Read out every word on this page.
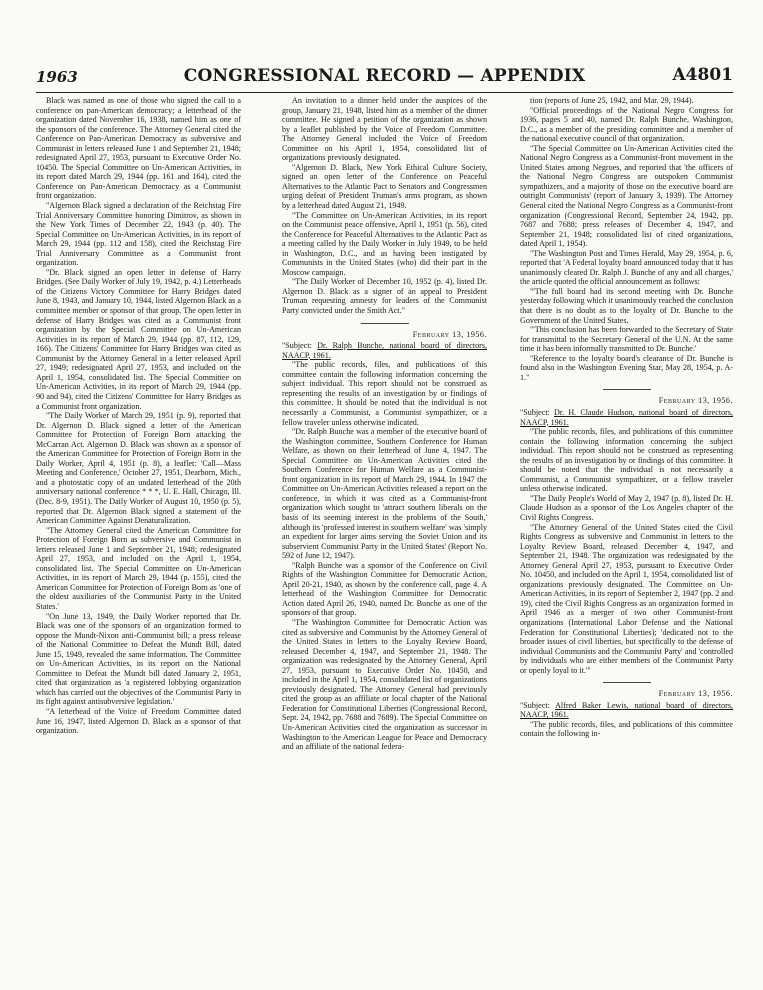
1963	CONGRESSIONAL RECORD — APPENDIX	A4801

Black was named as one of those who signed the call to a conference on pan-American democracy; a letterhead of the organization dated November 16, 1938, named him as one of the sponsors of the conference. The Attorney General cited the Conference on Pan-American Democracy as subversive and Communist in letters released June 1 and September 21, 1948; redesignated April 27, 1953, pursuant to Executive Order No. 10450. The Special Committee on Un-American Activities, in its report dated March 29, 1944 (pp. 161 and 164), cited the Conference on Pan-American Democracy as a Communist front organization.

"Algernon Black signed a declaration of the Reichstag Fire Trial Anniversary Committee honoring Dimitrov, as shown in the New York Times of December 22, 1943 (p. 40). The Special Committee on Un-American Activities, in its report of March 29, 1944 (pp. 112 and 158), cited the Reichstag Fire Trial Anniversary Committee as a Communist front organization.

"Dr. Black signed an open letter in defense of Harry Bridges. (See Daily Worker of July 19, 1942, p. 4.) Letterheads of the Citizens Victory Committee for Harry Bridges dated June 8, 1943, and January 10, 1944, listed Algernon Black as a committee member or sponsor of that group. The open letter in defense of Harry Bridges was cited as a Communist front organization by the Special Committee on Un-American Activities in its report of March 29, 1944 (pp. 87, 112, 129, 166). The Citizens' Committee for Harry Bridges was cited as Communist by the Attorney General in a letter released April 27, 1949; redesignated April 27, 1953, and included on the April 1, 1954, consolidated list. The Special Committee on Un-American Activities, in its report of March 29, 1944 (pp. 90 and 94), cited the Citizens' Committee for Harry Bridges as a Communist front organization.

"The Daily Worker of March 29, 1951 (p. 9), reported that Dr. Algernon D. Black signed a letter of the American Committee for Protection of Foreign Born attacking the McCarran Act. Algernon D. Black was shown as a sponsor of the American Committee for Protection of Foreign Born in the Daily Worker, April 4, 1951 (p. 8), a leaflet: 'Call—Mass Meeting and Conference,' October 27, 1951, Dearborn, Mich., and a photostatic copy of an undated letterhead of the 20th anniversary national conference * * *, U. E. Hall, Chicago, Ill. (Dec. 8-9, 1951). The Daily Worker of August 10, 1950 (p. 5), reported that Dr. Algernon Black signed a statement of the American Committee Against Denaturalization.

"The Attorney General cited the American Committee for Protection of Foreign Born as subversive and Communist in letters released June 1 and September 21, 1948; redesignated April 27, 1953, and included on the April 1, 1954, consolidated list. The Special Committee on Un-American Activities, in its report of March 29, 1944 (p. 155), cited the American Committee for Protection of Foreign Born as 'one of the oldest auxiliaries of the Communist Party in the United States.'

"On June 13, 1949, the Daily Worker reported that Dr. Black was one of the sponsors of an organization formed to oppose the Mundt-Nixon anti-Communist bill; a press release of the National Committee to Defeat the Mundt Bill, dated June 15, 1949, revealed the same information. The Committee on Un-American Activities, in its report on the National Committee to Defeat the Mundt bill dated January 2, 1951, cited that organization as 'a registered lobbying organization which has carried out the objectives of the Communist Party in its fight against antisubversive legislation.'

"A letterhead of the Voice of Freedom Committee dated June 16, 1947, listed Algernon D. Black as a sponsor of that organization.

An invitation to a dinner held under the auspices of the group, January 21, 1948, listed him as a member of the dinner committee. He signed a petition of the organization as shown by a leaflet published by the Voice of Freedom Committee. The Attorney General included the Voice of Freedom Committee on his April 1, 1954, consolidated list of organizations previously designated.

"Algernon D. Black, New York Ethical Culture Society, signed an open letter of the Conference on Peaceful Alternatives to the Atlantic Pact to Senators and Congressmen urging defeat of President Truman's arms program, as shown by a letterhead dated August 21, 1949.

"The Committee on Un-American Activities, in its report on the Communist peace offensive, April 1, 1951 (p. 56), cited the Conference for Peaceful Alternatives to the Atlantic Pact as a meeting called by the Daily Worker in July 1949, to be held in Washington, D.C., and as having been instigated by Communists in the United States (who) did their part in the Moscow campaign.

"The Daily Worker of December 10, 1952 (p. 4), listed Dr. Algernon D. Black as a signer of an appeal to President Truman requesting amnesty for leaders of the Communist Party convicted under the Smith Act."

February 13, 1956.

"Subject: Dr. Ralph Bunche, national board of directors, NAACP, 1961.

"The public records, files, and publications of this committee contain the following information concerning the subject individual. This report should not be construed as representing the results of an investigation by or findings of this committee. It should be noted that the individual is not necessarily a Communist, a Communist sympathizer, or a fellow traveler unless otherwise indicated.

"Dr. Ralph Bunche was a member of the executive board of the Washington committee, Southern Conference for Human Welfare, as shown on their letterhead of June 4, 1947. The Special Committee on Un-American Activities cited the Southern Conference for Human Welfare as a Communist-front organization in its report of March 29, 1944. In 1947 the Committee on Un-American Activities released a report on the conference, in which it was cited as a Communist-front organization which sought to 'attract southern liberals on the basis of its seeming interest in the problems of the South,' although its 'professed interest in southern welfare' was 'simply an expedient for larger aims serving the Soviet Union and its subservient Communist Party in the United States' (Report No. 592 of June 12, 1947).

"Ralph Bunche was a sponsor of the Conference on Civil Rights of the Washington Committee for Democratic Action, April 20-21, 1940, as shown by the conference call, page 4. A letterhead of the Washington Committee for Democratic Action dated April 26, 1940, named Dr. Bunche as one of the sponsors of that group.

"The Washington Committee for Democratic Action was cited as subversive and Communist by the Attorney General of the United States in letters to the Loyalty Review Board, released December 4, 1947, and September 21, 1948. The organization was redesignated by the Attorney General, April 27, 1953, pursuant to Executive Order No. 10450, and included in the April 1, 1954, consolidated list of organizations previously designated. The Attorney General had previously cited the group as an affiliate or local chapter of the National Federation for Constitutional Liberties (Congressional Record, Sept. 24, 1942, pp. 7688 and 7689). The Special Committee on Un-American Activities cited the organization as successor in Washington to the American League for Peace and Democracy and an affiliate of the national federa-

tion (reports of June 25, 1942, and Mar. 29, 1944).

"Official proceedings of the National Negro Congress for 1936, pages 5 and 40, named Dr. Ralph Bunche, Washington, D.C., as a member of the presiding committee and a member of the national executive council of that organization.

"The Special Committee on Un-American Activities cited the National Negro Congress as a Communist-front movement in the United States among Negroes, and reported that 'the officers of the National Negro Congress are outspoken Communist sympathizers, and a majority of those on the executive board are outright Communists' (report of January 3, 1939). The Attorney General cited the National Negro Congress as a Communist-front organization (Congressional Record, September 24, 1942, pp. 7687 and 7688; press releases of December 4, 1947, and September 21, 1948; consolidated list of cited organizations, dated April 1, 1954).

"The Washington Post and Times Herald, May 29, 1954, p. 6, reported that 'A Federal loyalty board announced today that it has unanimously cleared Dr. Ralph J. Bunche of any and all charges,' the article quoted the official announcement as follows:

"'The full board had its second meeting with Dr. Bunche yesterday following which it unanimously reached the conclusion that there is no doubt as to the loyalty of Dr. Bunche to the Government of the United States.

"'This conclusion has been forwarded to the Secretary of State for transmittal to the Secretary General of the U.N. At the same time it has been informally transmitted to Dr. Bunche.'

"Reference to the loyalty board's clearance of Dr. Bunche is found also in the Washington Evening Star, May 28, 1954, p. A-1."

February 13, 1956.

"Subject: Dr. H. Claude Hudson, national board of directors, NAACP, 1961.

"The public records, files, and publications of this committee contain the following information concerning the subject individual. This report should not be construed as representing the results of an investigation by or findings of this committee. It should be noted that the individual is not necessarily a Communist, a Communist sympathizer, or a fellow traveler unless otherwise indicated.

"The Daily People's World of May 2, 1947 (p. 8), listed Dr. H. Claude Hudson as a sponsor of the Los Angeles chapter of the Civil Rights Congress.

"The Attorney General of the United States cited the Civil Rights Congress as subversive and Communist in letters to the Loyalty Review Board, released December 4, 1947, and September 21, 1948. The organization was redesignated by the Attorney General April 27, 1953, pursuant to Executive Order No. 10450, and included on the April 1, 1954, consolidated list of organizations previously designated. The Committee on Un-American Activities, in its report of September 2, 1947 (pp. 2 and 19), cited the Civil Rights Congress as an organization formed in April 1946 as a merger of two other Communist-front organizations (International Labor Defense and the National Federation for Constitutional Liberties); 'dedicated not to the broader issues of civil liberties, but specifically to the defense of individual Communists and the Communist Party' and 'controlled by individuals who are either members of the Communist Party or openly loyal to it.'"

February 13, 1956.

"Subject: Alfred Baker Lewis, national board of directors, NAACP, 1961.

"The public records, files, and publications of this committee contain the following in-
